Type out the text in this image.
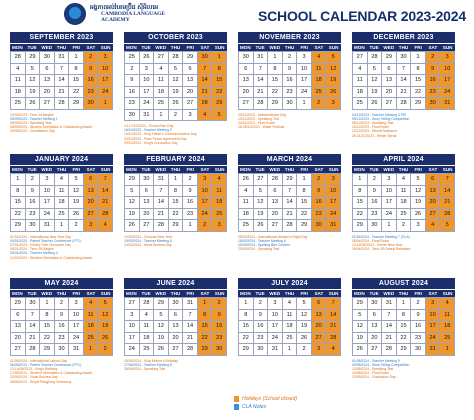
អង្គភាពអប់រំខេមប្រ៊ីដ ស៊ីអិលអេ
CAMBODIA LANGUAGE ACADEMY	SCHOOL CALENDAR 2023-2024
SEPTEMBER 2023
MON	TUE	WED	THU	FRI	SAT	SUN
28	29	30	31	1	2	3
4	5	6	7	8	9	10
11	12	13	14	15	16	17
18	19	20	21	22	23	24
25	26	27	28	29	30	1
04/09/2023 - Term 1A Begins
05/09/2023 - Teacher Meeting 1
06/09/2023 - Speaking Test
08/09/2023 - Student Orientation & Outstanding Award
29/09/2023 - Constitution Day
OCTOBER 2023
MON	TUE	WED	THU	FRI	SAT	SUN
25	26	27	28	29	30	1
2	3	4	5	6	7	8
9	10	11	12	13	14	15
16	17	18	19	20	21	22
23	24	25	26	27	28	29
30	31	1	2	3	4	5
13-17/10/2023 - Pchum Ben Day
16/10/2023 - Teacher Meeting 2
15/10/2023 - King Father's Commemoration Day
23/10/2023 - Paris Peace Agreement Day
29/10/2023 - King's Coronation Day
NOVEMBER 2023
MON	TUE	WED	THU	FRI	SAT	SUN
30	31	1	2	3	4	5
6	7	8	9	10	11	12
13	14	15	16	17	18	19
20	21	22	23	24	25	26
27	28	29	30	1	2	3
09/11/2023 - Independence Day
13/11/2023 - Speaking Test
24/11/2023 - Final Exam
26-28/11/2023 - Water Festival
DECEMBER 2023
MON	TUE	WED	THU	FRI	SAT	SUN
27	28	29	30	1	2	3
4	5	6	7	8	9	10
11	12	13	14	15	16	17
18	19	20	21	22	23	24
25	26	27	28	29	30	31
04/12/2023 - Teacher Meeting 3 PM
05/12/2023 - Story Telling Competition
08/12/2023 - Speaking Test
15/12/2023 - Final Exam
22/12/2023 - Result Released
25-31/12/2023 - Winter Break
JANUARY 2024
MON	TUE	WED	THU	FRI	SAT	SUN
1	2	3	4	5	6	7
8	9	10	11	12	13	14
15	16	17	18	19	20	21
22	23	24	25	26	27	28
29	30	31	1	2	3	4
01/01/2024 - International New Year Day
04/01/2024 - Parent Teacher Conference (PTC)
07/01/2024 - Victory Over Genocide Day
08/01/2024 - Term 1B Begins
09/01/2024 - Teacher Meeting 4
12/01/2024 - Student Orientation & Outstanding Award
FEBRUARY 2024
MON	TUE	WED	THU	FRI	SAT	SUN
29	30	31	1	2	3	4
5	6	7	8	9	10	11
12	13	14	15	16	17	18
19	20	21	22	23	24	25
26	27	28	29	1	2	3
10/02/2024 - Chinese New Year
19/02/2024 - Teacher Meeting 5
24/02/2024 - Meak Bochea Day
MARCH 2024
MON	TUE	WED	THU	FRI	SAT	SUN
26	27	28	29	1	2	3
4	5	6	7	8	9	10
11	12	13	14	15	16	17
18	19	20	21	22	23	24
25	26	27	28	29	30	31
08/03/2024 - International Women's Right Day
18/03/2024 - Teacher Meeting 6
20/03/2024 - Spelling Bee Contest
25/03/2024 - Speaking Test
APRIL 2024
MON	TUE	WED	THU	FRI	SAT	SUN
1	2	3	4	5	6	7
8	9	10	11	12	13	14
15	16	17	18	19	20	21
22	23	24	25	26	27	28
29	30	1	2	3	4	5
01/04/2024 - Teacher Meeting 7 (CLA)
05/04/2024 - Final Exam
13-16/04/2024 - Khmer New Year
19/04/2024 - Term 1B Result Released
MAY 2024
MON	TUE	WED	THU	FRI	SAT	SUN
29	30	1	2	3	4	5
6	7	8	9	10	11	12
13	14	15	16	17	18	19
20	21	22	23	24	25	26
27	28	29	30	31	1	2
01/05/2024 - International Labour Day
06/05/2024 - Parent Teacher Conference (PTC)
13-14/05/2024 - King's Birthday
17/05/2024 - Student Orientation & Outstanding Award
22/05/2024 - Visak Bochea Day
26/05/2024 - Royal Ploughing Ceremony
JUNE 2024
MON	TUE	WED	THU	FRI	SAT	SUN
27	28	29	30	31	1	2
3	4	5	6	7	8	9
10	11	12	13	14	15	16
17	18	19	20	21	22	23
24	25	26	27	28	29	30
18/06/2024 - King Mother's Birthday
17/06/2024 - Teacher Meeting 8
26/06/2024 - Speaking Test
JULY 2024
MON	TUE	WED	THU	FRI	SAT	SUN
1	2	3	4	5	6	7
8	9	10	11	12	13	14
15	16	17	18	19	20	21
22	23	24	25	26	27	28
29	30	31	1	2	3	4
AUGUST 2024
MON	TUE	WED	THU	FRI	SAT	SUN
29	30	31	1	2	3	4
5	6	7	8	9	10	11
12	13	14	15	16	17	18
19	20	21	22	23	24	25
26	27	28	29	30	31	1
01/08/2024 - Teacher Meeting 9
05/08/2024 - Story Telling Competition
12/08/2024 - Speaking Test
16/08/2024 - Final Exam
23/08/2024 - Graduation Day
Holidays (School closed)
CLA Notes
